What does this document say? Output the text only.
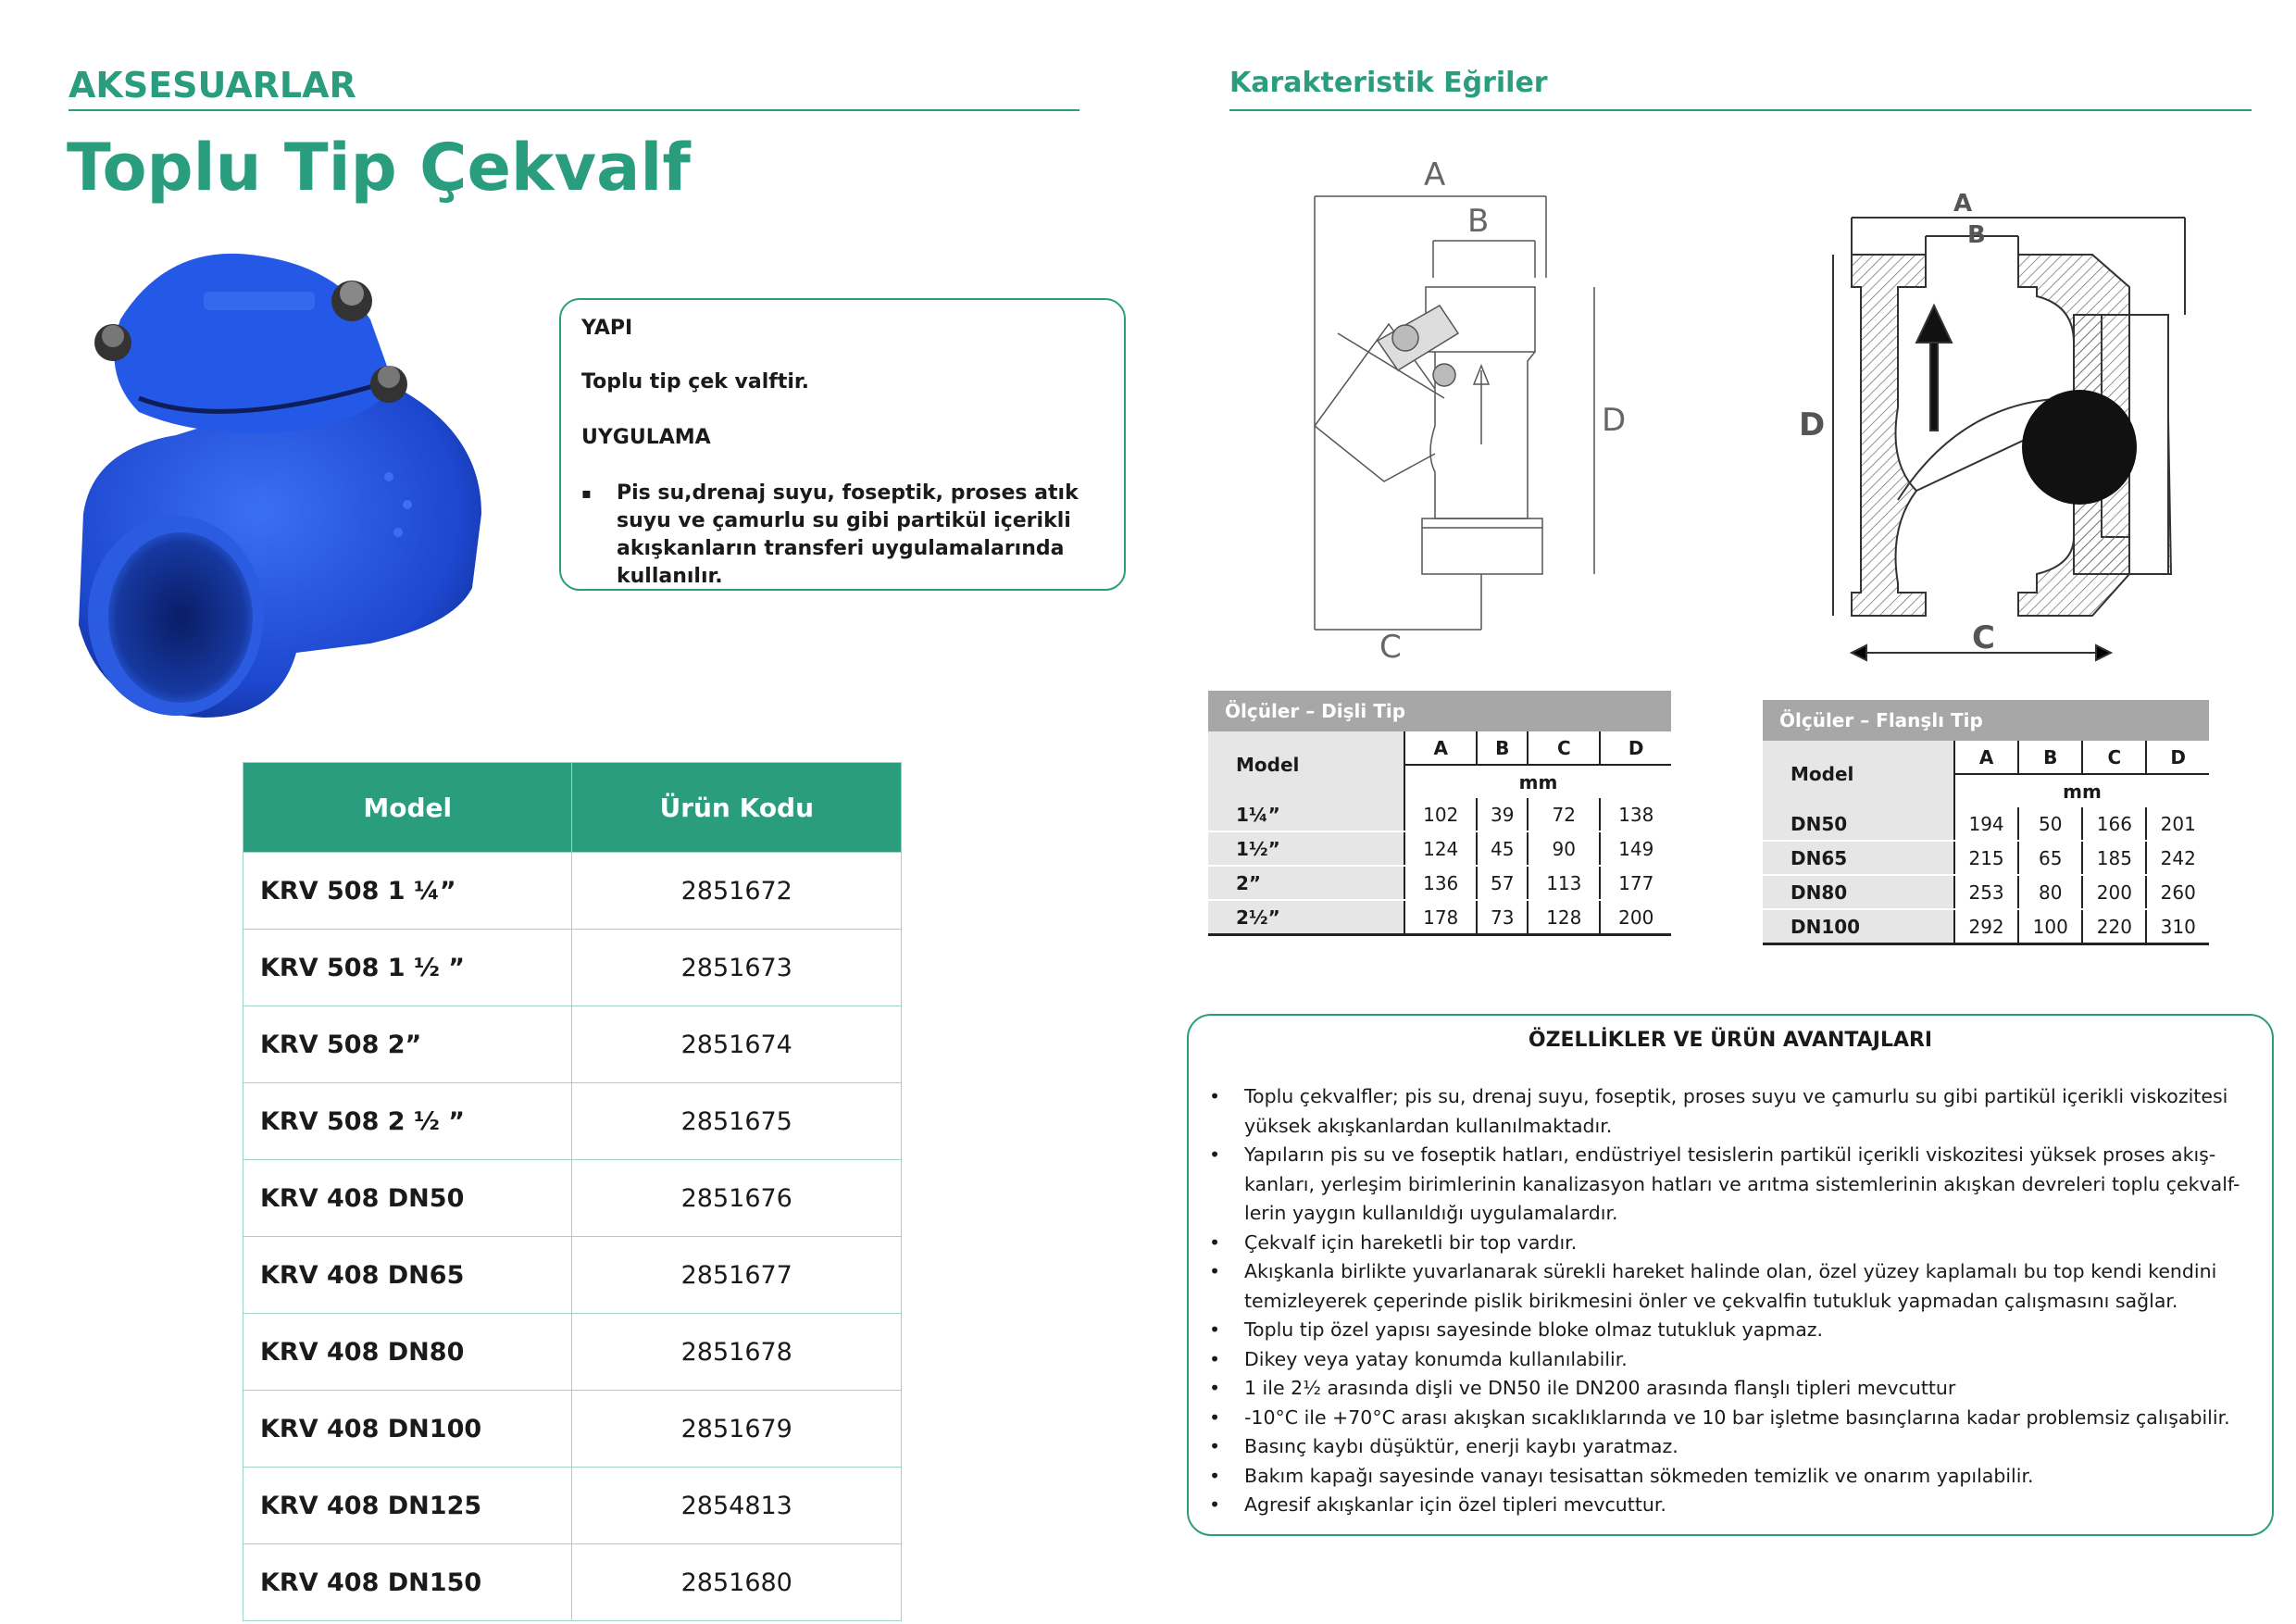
AKSESUARLAR
Toplu Tip Çekvalf
YAPI
Toplu tip çek valftir.
UYGULAMA
▪ Pis su,drenaj suyu, foseptik, proses atık suyu ve çamurlu su gibi partikül içerikli akışkanların transferi uygulamalarında kullanılır.
Model	Ürün Kodu
KRV 508 1 ¼”	2851672
KRV 508 1 ½ ”	2851673
KRV 508 2”	2851674
KRV 508 2 ½ ”	2851675
KRV 408 DN50	2851676
KRV 408 DN65	2851677
KRV 408 DN80	2851678
KRV 408 DN100	2851679
KRV 408 DN125	2854813
KRV 408 DN150	2851680
Karakteristik Eğriler
A
B
D
C
A
B
D
C
Ölçüler – Dişli Tip
Model	A	B	C	D
	mm			
1¼”	102	39	72	138
1½”	124	45	90	149
2”	136	57	113	177
2½”	178	73	128	200
Ölçüler – Flanşlı Tip
Model	A	B	C	D
	mm			
DN50	194	50	166	201
DN65	215	65	185	242
DN80	253	80	200	260
DN100	292	100	220	310
ÖZELLİKLER VE ÜRÜN AVANTAJLARI
• Toplu çekvalfler; pis su, drenaj suyu, foseptik, proses suyu ve çamurlu su gibi partikül içerikli viskozitesi yüksek akışkanlardan kullanılmaktadır.
• Yapıların pis su ve foseptik hatları, endüstriyel tesislerin partikül içerikli viskozitesi yüksek proses akış-kanları, yerleşim birimlerinin kanalizasyon hatları ve arıtma sistemlerinin akışkan devreleri toplu çekvalf-lerin yaygın kullanıldığı uygulamalardır.
• Çekvalf için hareketli bir top vardır.
• Akışkanla birlikte yuvarlanarak sürekli hareket halinde olan, özel yüzey kaplamalı bu top kendi kendini temizleyerek çeperinde pislik birikmesini önler ve çekvalfin tutukluk yapmadan çalışmasını sağlar.
• Toplu tip özel yapısı sayesinde bloke olmaz tutukluk yapmaz.
• Dikey veya yatay konumda kullanılabilir.
• 1 ile 2½ arasında dişli ve DN50 ile DN200 arasında flanşlı tipleri mevcuttur
• -10°C ile +70°C arası akışkan sıcaklıklarında ve 10 bar işletme basınçlarına kadar problemsiz çalışabilir.
• Basınç kaybı düşüktür, enerji kaybı yaratmaz.
• Bakım kapağı sayesinde vanayı tesisattan sökmeden temizlik ve onarım yapılabilir.
• Agresif akışkanlar için özel tipleri mevcuttur.
